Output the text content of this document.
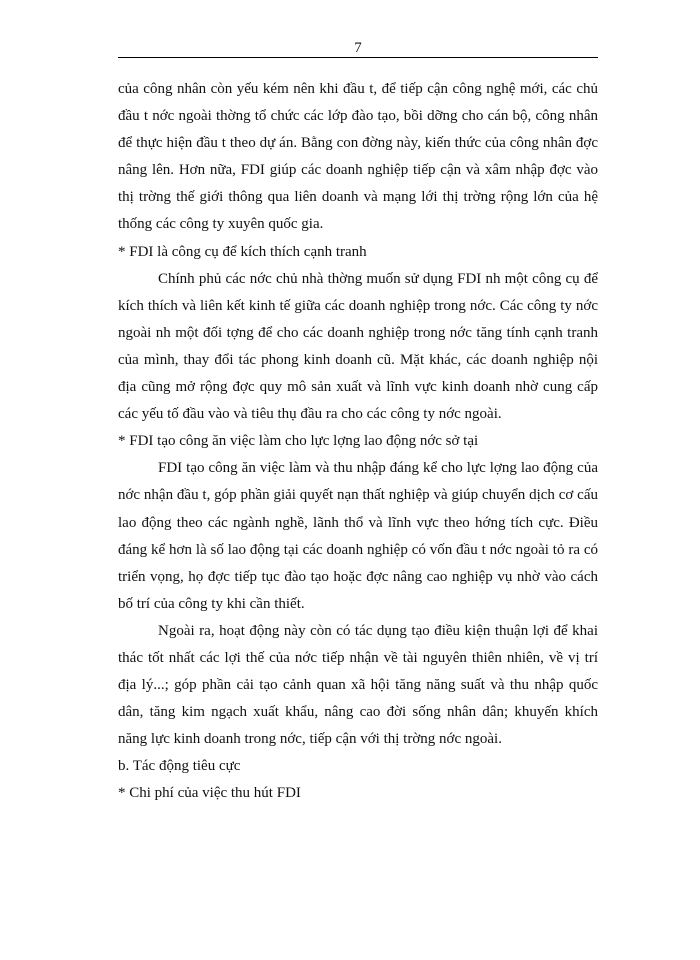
7

của công nhân còn yếu kém nên khi đầu t, để tiếp cận công nghệ mới, các chủ đầu t nớc ngoài thờng tổ chức các lớp đào tạo, bồi dỡng cho cán bộ, công nhân để thực hiện đầu t theo dự án. Bằng con đờng này, kiến thức của công nhân đợc nâng lên. Hơn nữa, FDI giúp các doanh nghiệp tiếp cận và xâm nhập đợc vào thị trờng thế giới thông qua liên doanh và mạng lới thị trờng rộng lớn của hệ thống các công ty xuyên quốc gia.

* FDI là công cụ để kích thích cạnh tranh

Chính phủ các nớc chủ nhà thờng muốn sử dụng FDI nh một công cụ để kích thích và liên kết kinh tế giữa các doanh nghiệp trong nớc. Các công ty nớc ngoài nh một đối tợng để cho các doanh nghiệp trong nớc tăng tính cạnh tranh của mình, thay đổi tác phong kinh doanh cũ. Mặt khác, các doanh nghiệp nội địa cũng mở rộng đợc quy mô sản xuất và lĩnh vực kinh doanh nhờ cung cấp các yếu tố đầu vào và tiêu thụ đầu ra cho các công ty nớc ngoài.

* FDI tạo công ăn việc làm cho lực lợng lao động nớc sở tại

FDI tạo công ăn việc làm và thu nhập đáng kể cho lực lợng lao động của nớc nhận đầu t, góp phần giải quyết nạn thất nghiệp và giúp chuyển dịch cơ cấu lao động theo các ngành nghề, lãnh thổ và lĩnh vực theo hớng tích cực. Điều đáng kể hơn là số lao động tại các doanh nghiệp có vốn đầu t nớc ngoài tỏ ra có triển vọng, họ đợc tiếp tục đào tạo hoặc đợc nâng cao nghiệp vụ nhờ vào cách bố trí của công ty khi cần thiết.

Ngoài ra, hoạt động này còn có tác dụng tạo điều kiện thuận lợi để khai thác tốt nhất các lợi thế của nớc tiếp nhận về tài nguyên thiên nhiên, về vị trí địa lý...; góp phần cải tạo cảnh quan xã hội tăng năng suất và thu nhập quốc dân, tăng kim ngạch xuất khẩu, nâng cao đời sống nhân dân; khuyến khích năng lực kinh doanh trong nớc, tiếp cận với thị trờng nớc ngoài.

b. Tác động tiêu cực

* Chi phí của việc thu hút FDI
